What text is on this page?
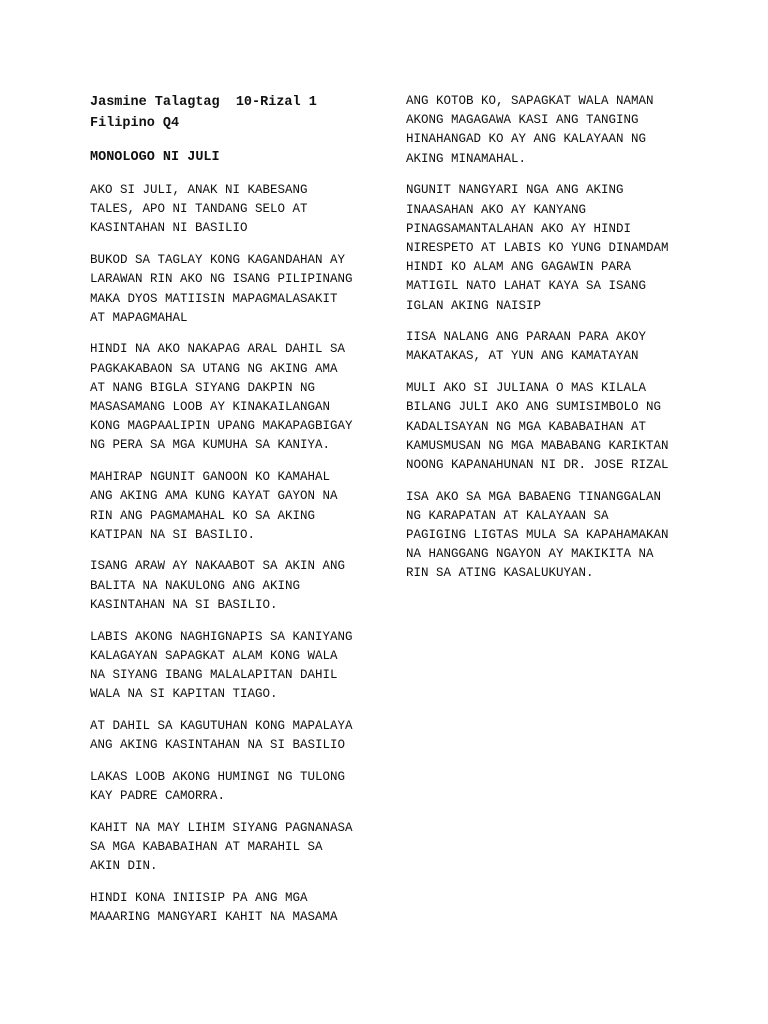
Jasmine Talagtag  10-Rizal 1

Filipino Q4

MONOLOGO NI JULI

AKO SI JULI, ANAK NI KABESANG
TALES, APO NI TANDANG SELO AT
KASINTAHAN NI BASILIO

BUKOD SA TAGLAY KONG KAGANDAHAN AY
LARAWAN RIN AKO NG ISANG PILIPINANG
MAKA DYOS MATIISIN MAPAGMALASAKIT
AT MAPAGMAHAL

HINDI NA AKO NAKAPAG ARAL DAHIL SA
PAGKAKABAON SA UTANG NG AKING AMA
AT NANG BIGLA SIYANG DAKPIN NG
MASASAMANG LOOB AY KINAKAILANGAN
KONG MAGPAALIPIN UPANG MAKAPAGBIGAY
NG PERA SA MGA KUMUHA SA KANIYA.

MAHIRAP NGUNIT GANOON KO KAMAHAL
ANG AKING AMA KUNG KAYAT GAYON NA
RIN ANG PAGMAMAHAL KO SA AKING
KATIPAN NA SI BASILIO.

ISANG ARAW AY NAKAABOT SA AKIN ANG
BALITA NA NAKULONG ANG AKING
KASINTAHAN NA SI BASILIO.

LABIS AKONG NAGHIGNAPIS SA KANIYANG
KALAGAYAN SAPAGKAT ALAM KONG WALA
NA SIYANG IBANG MALALAPITAN DAHIL
WALA NA SI KAPITAN TIAGO.

AT DAHIL SA KAGUTUHAN KONG MAPALAYA
ANG AKING KASINTAHAN NA SI BASILIO

LAKAS LOOB AKONG HUMINGI NG TULONG
KAY PADRE CAMORRA.

KAHIT NA MAY LIHIM SIYANG PAGNANASA
SA MGA KABABAIHAN AT MARAHIL SA
AKIN DIN.

HINDI KONA INIISIP PA ANG MGA
MAAARING MANGYARI KAHIT NA MASAMA

ANG KOTOB KO, SAPAGKAT WALA NAMAN
AKONG MAGAGAWA KASI ANG TANGING
HINAHANGAD KO AY ANG KALAYAAN NG
AKING MINAMAHAL.

NGUNIT NANGYARI NGA ANG AKING
INAASAHAN AKO AY KANYANG
PINAGSAMANTALAHAN AKO AY HINDI
NIRESPETO AT LABIS KO YUNG DINAMDAM
HINDI KO ALAM ANG GAGAWIN PARA
MATIGIL NATO LAHAT KAYA SA ISANG
IGLAN AKING NAISIP

IISA NALANG ANG PARAAN PARA AKOY
MAKATAKAS, AT YUN ANG KAMATAYAN

MULI AKO SI JULIANA O MAS KILALA
BILANG JULI AKO ANG SUMISIMBOLO NG
KADALISAYAN NG MGA KABABAIHAN AT
KAMUSMUSAN NG MGA MABABANG KARIKTAN
NOONG KAPANAHUNAN NI DR. JOSE RIZAL

ISA AKO SA MGA BABAENG TINANGGALAN
NG KARAPATAN AT KALAYAAN SA
PAGIGING LIGTAS MULA SA KAPAHAMAKAN
NA HANGGANG NGAYON AY MAKIKITA NA
RIN SA ATING KASALUKUYAN.
